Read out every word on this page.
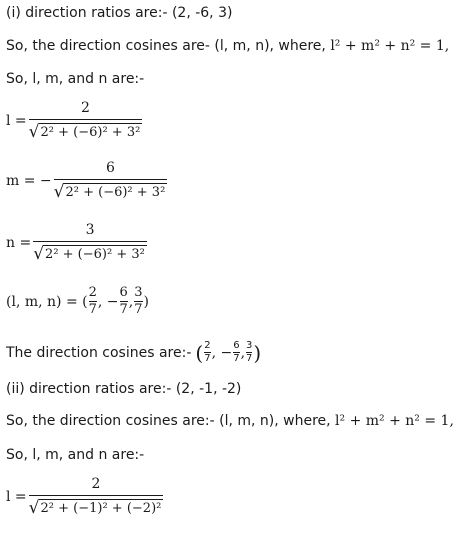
(i) direction ratios are:- (2, -6, 3)
So, the direction cosines are- (l, m, n), where, l² + m² + n² = 1,
So, l, m, and n are:-
$l = \frac{2}{\text{√ 2² + (−6)² + 3²}}$
m = − $\frac{6}{\text{√ 2² + (−6)² + 3²}}$
$n = \frac{3}{\text{√ 2² + (−6)² + 3²}}$
(l, m, n) = ( $\frac{2}{7}$ , − $\frac{6}{7}$ , $\frac{3}{7}$ )
The direction cosines are:- ( $\frac{2}{7}$ , − $\frac{6}{7}$ , $\frac{3}{7}$ )
(ii) direction ratios are:- (2, -1, -2)
So, the direction cosines are:- (l, m, n), where, l² + m² + n² = 1,
So, l, m, and n are:-
$l = \frac{2}{\text{√ 2² + (−1)² + (−2)²}}$
